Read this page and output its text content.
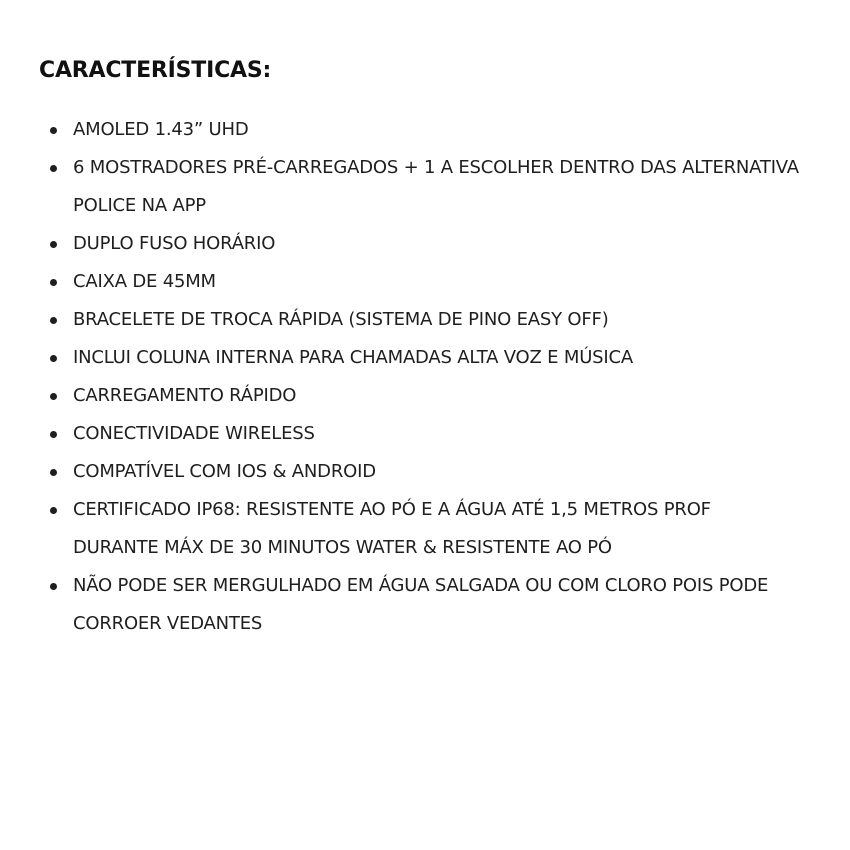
CARACTERÍSTICAS:
AMOLED 1.43” UHD
6 MOSTRADORES PRÉ-CARREGADOS + 1 A ESCOLHER DENTRO DAS ALTERNATIVA POLICE NA APP
DUPLO FUSO HORÁRIO
CAIXA DE 45MM
BRACELETE DE TROCA RÁPIDA (SISTEMA DE PINO EASY OFF)
INCLUI COLUNA INTERNA PARA CHAMADAS ALTA VOZ E MÚSICA
CARREGAMENTO RÁPIDO
CONECTIVIDADE WIRELESS
COMPATÍVEL COM IOS & ANDROID
CERTIFICADO IP68: RESISTENTE AO PÓ E A ÁGUA ATÉ 1,5 METROS PROF DURANTE MÁX DE 30 MINUTOS WATER & RESISTENTE AO PÓ
NÃO PODE SER MERGULHADO EM ÁGUA SALGADA OU COM CLORO POIS PODE CORROER VEDANTES
